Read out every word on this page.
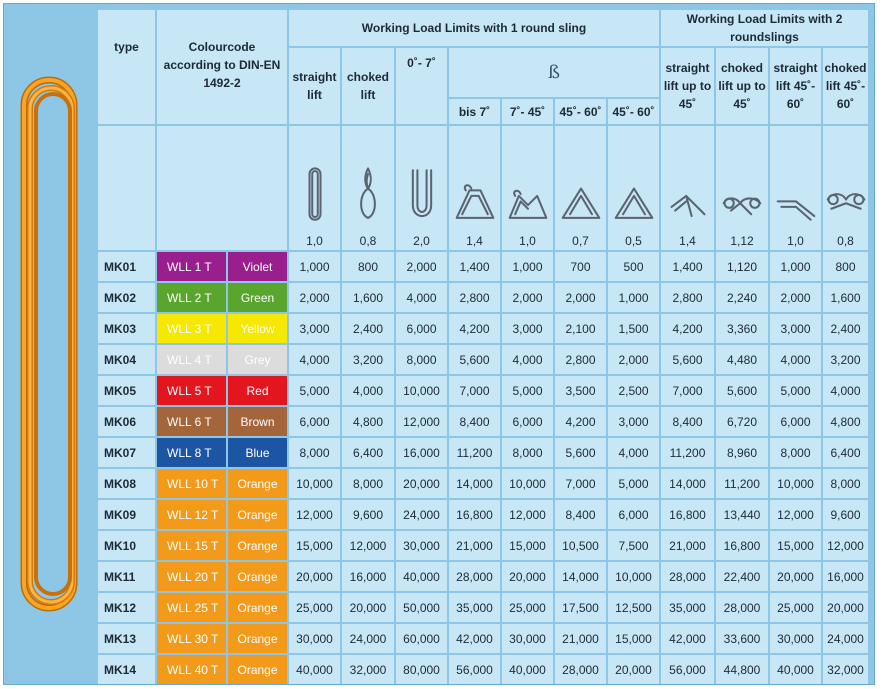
type	Colourcode according to DIN-EN 1492-2		Working Load Limits with 1 round sling							Working Load Limits with 2 roundslings			
			straight lift	choked lift	0˚- 7˚	ß				straight lift up to 45˚	choked lift up to 45˚	straight lift 45˚- 60˚	choked lift 45˚- 60˚
						bis 7˚	7˚- 45˚	45˚- 60˚	45˚- 60˚				

			1,0	0,8	2,0	1,4	1,0	0,7	0,5	1,4	1,12	1,0	0,8

MK01	WLL 1 T	Violet	1,000	800	2,000	1,400	1,000	700	500	1,400	1,120	1,000	800
MK02	WLL 2 T	Green	2,000	1,600	4,000	2,800	2,000	2,000	1,000	2,800	2,240	2,000	1,600
MK03	WLL 3 T	Yellow	3,000	2,400	6,000	4,200	3,000	2,100	1,500	4,200	3,360	3,000	2,400
MK04	WLL 4 T	Grey	4,000	3,200	8,000	5,600	4,000	2,800	2,000	5,600	4,480	4,000	3,200
MK05	WLL 5 T	Red	5,000	4,000	10,000	7,000	5,000	3,500	2,500	7,000	5,600	5,000	4,000
MK06	WLL 6 T	Brown	6,000	4,800	12,000	8,400	6,000	4,200	3,000	8,400	6,720	6,000	4,800
MK07	WLL 8 T	Blue	8,000	6,400	16,000	11,200	8,000	5,600	4,000	11,200	8,960	8,000	6,400
MK08	WLL 10 T	Orange	10,000	8,000	20,000	14,000	10,000	7,000	5,000	14,000	11,200	10,000	8,000
MK09	WLL 12 T	Orange	12,000	9,600	24,000	16,800	12,000	8,400	6,000	16,800	13,440	12,000	9,600
MK10	WLL 15 T	Orange	15,000	12,000	30,000	21,000	15,000	10,500	7,500	21,000	16,800	15,000	12,000
MK11	WLL 20 T	Orange	20,000	16,000	40,000	28,000	20,000	14,000	10,000	28,000	22,400	20,000	16,000
MK12	WLL 25 T	Orange	25,000	20,000	50,000	35,000	25,000	17,500	12,500	35,000	28,000	25,000	20,000
MK13	WLL 30 T	Orange	30,000	24,000	60,000	42,000	30,000	21,000	15,000	42,000	33,600	30,000	24,000
MK14	WLL 40 T	Orange	40,000	32,000	80,000	56,000	40,000	28,000	20,000	56,000	44,800	40,000	32,000
